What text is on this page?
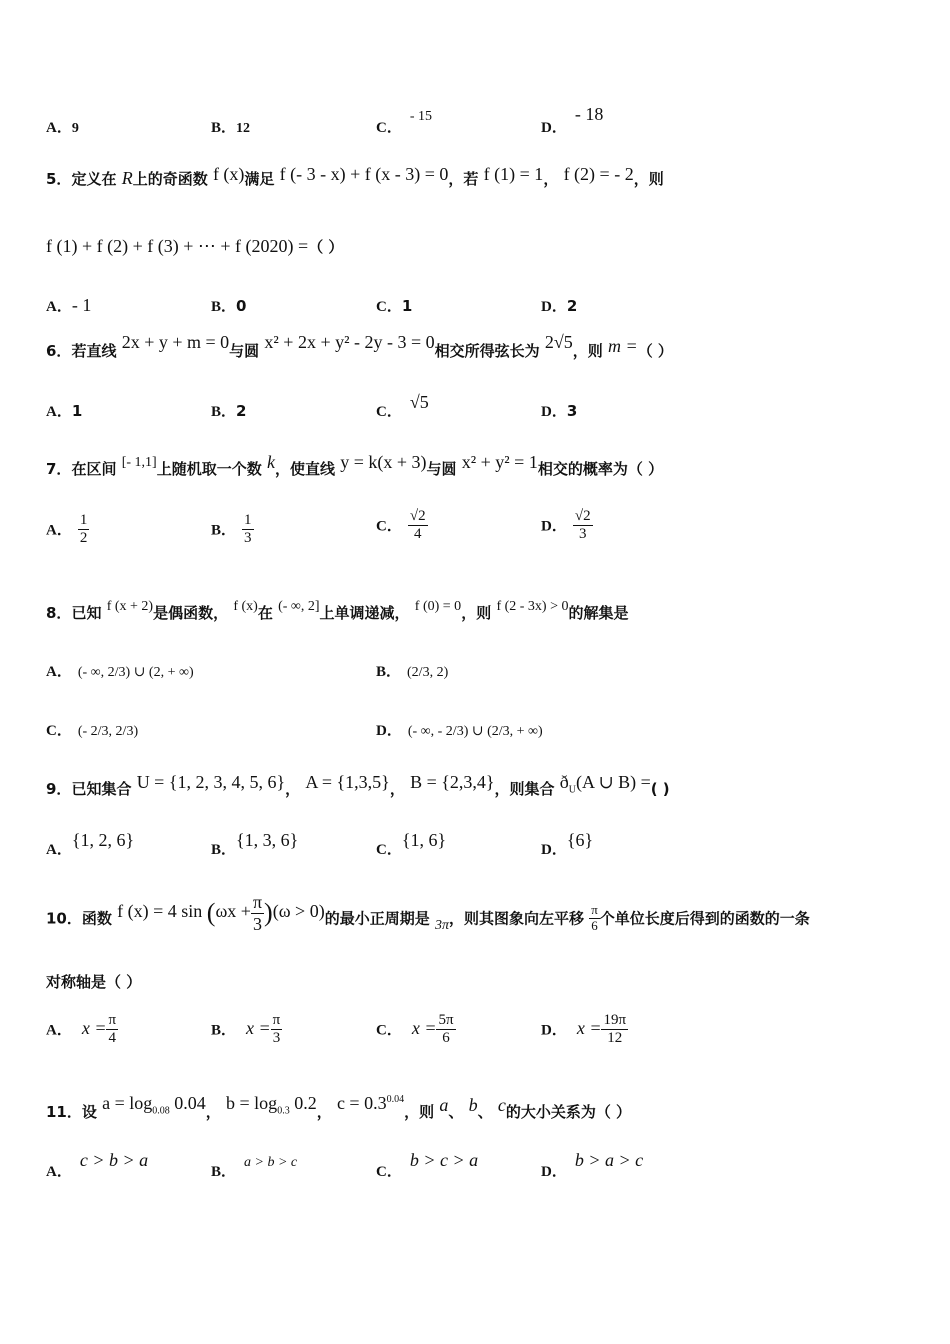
A．9	B．12	C．- 15
D．- 18
5．定义在 R上的奇函数 f (x)满足 f (- 3 - x) + f (x - 3) = 0，若 f (1) = 1， f (2) = - 2，则
f (1) + f (2) + f (3) + ⋯ + f (2020) =（ ）
A．- 1	B．0	C．1	D．2
6．若直线 2x + y + m = 0与圆 x² + 2x + y² - 2y - 3 = 0相交所得弦长为 2√5，则 m =（ ）
A．1	B．2	C． √5	D．3
7．在区间 [- 1,1]上随机取一个数 k，使直线 y = k(x + 3)与圆 x² + y² = 1相交的概率为（ ）
A． $\frac{1}{2}$	B． $\frac{1}{3}$	C． $\frac{√2}{4}$	D． $\frac{√2}{3}$
8．已知 f (x + 2)是偶函数， f (x)在 (- ∞, 2]上单调递减， f (0) = 0，则 f (2 - 3x) > 0的解集是
A． (- ∞, 2/3) ∪ (2, + ∞)	B． (2/3, 2)
C． (- 2/3, 2/3)	D． (- ∞, - 2/3) ∪ (2/3, + ∞)
9．已知集合 U = {1, 2, 3, 4, 5, 6}， A = {1,3,5}， B = {2,3,4}，则集合 $ð_U(A$ ∪ B) =( )
A．{1, 2, 6}	B．{1, 3, 6}	C．{1, 6}	D．{6}
10．函数 f (x) = 4 $\sin (\omega x + \frac{\pi}{3} )(\omega > 0)$的最小正周期是 3π，则其图象向左平移 $\frac{\pi}{6}$ 个单位长度后得到的函数的一条
对称轴是（ ）
A． $x = \frac{\pi}{4}$	B． $x = \frac{\pi}{3}$	C． $x = \frac{5\pi}{6}$	D． $x = \frac{19\pi}{12}$
11．设 $a = \log_{0.08} 0.04$， $b = \log_{0.3} 0.2$， $c = 0.3^{0.04}$，则 a、 b、 c的大小关系为（ ）
A．c > b > a
B．a > b > c
C．b > c > a
D．b > a > c
